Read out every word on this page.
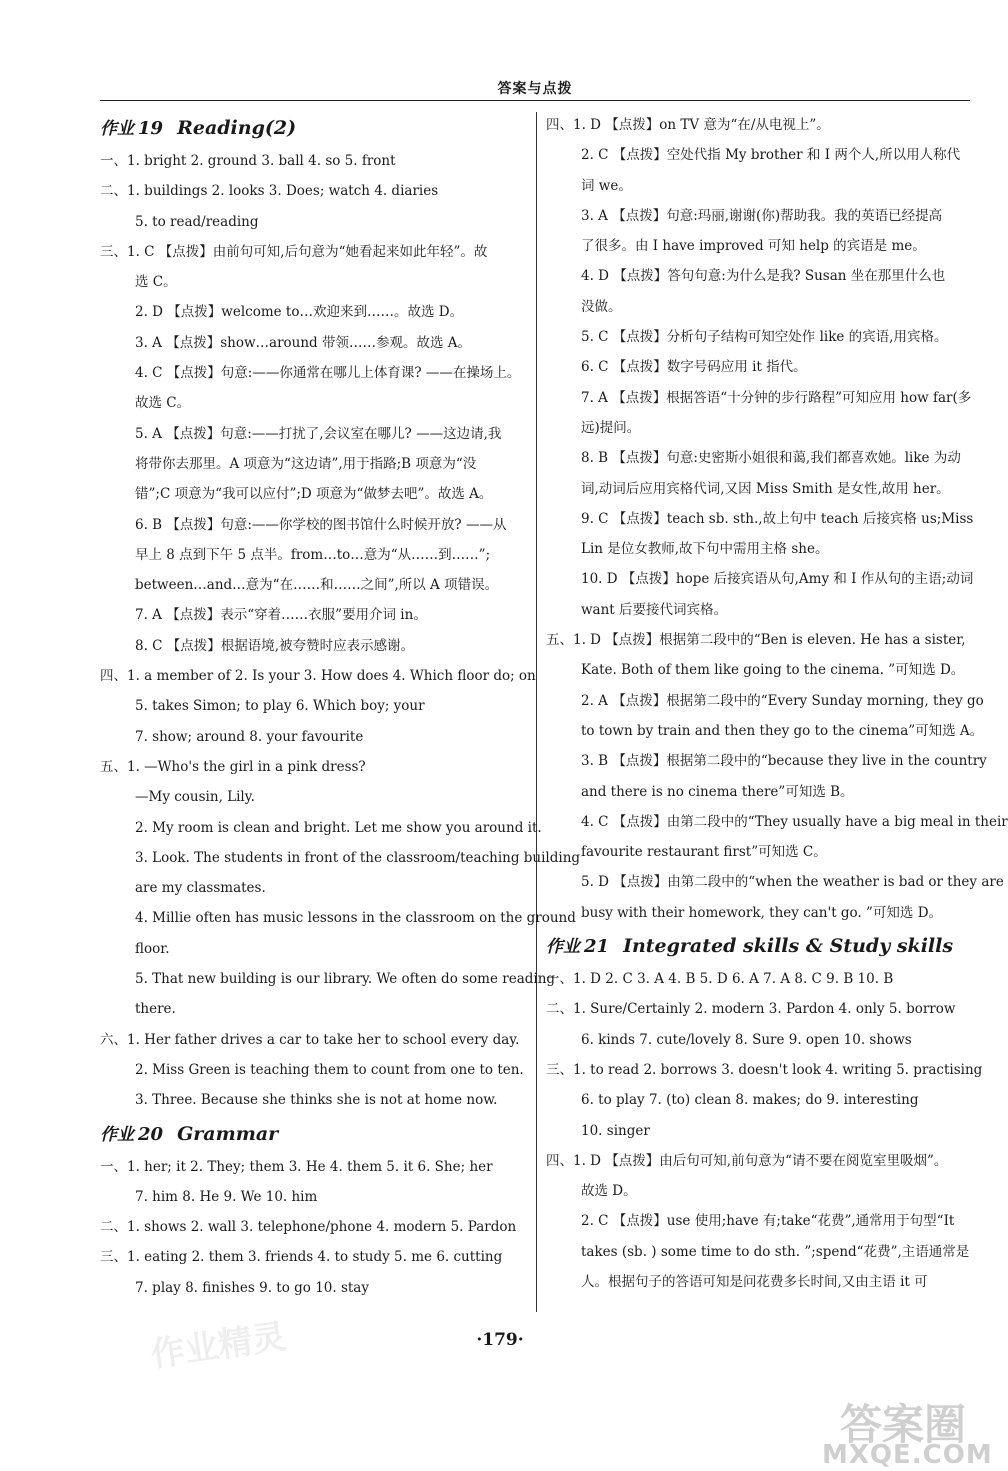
答案与点拨
作业 19 Reading(2)
一、1. bright 2. ground 3. ball 4. so 5. front
二、1. buildings 2. looks 3. Does; watch 4. diaries
5. to read/reading
三、1. C 【点拨】由前句可知,后句意为“她看起来如此年轻”。故
选 C。
2. D 【点拨】welcome to…欢迎来到……。故选 D。
3. A 【点拨】show…around 带领……参观。故选 A。
4. C 【点拨】句意:——你通常在哪儿上体育课? ——在操场上。
故选 C。
5. A 【点拨】句意:——打扰了,会议室在哪儿? ——这边请,我
将带你去那里。A 项意为“这边请”,用于指路;B 项意为“没
错”;C 项意为“我可以应付”;D 项意为“做梦去吧”。故选 A。
6. B 【点拨】句意:——你学校的图书馆什么时候开放? ——从
早上 8 点到下午 5 点半。from…to…意为“从……到……”;
between…and…意为“在……和……之间”,所以 A 项错误。
7. A 【点拨】表示“穿着……衣服”要用介词 in。
8. C 【点拨】根据语境,被夸赞时应表示感谢。
四、1. a member of 2. Is your 3. How does 4. Which floor do; on
5. takes Simon; to play 6. Which boy; your
7. show; around 8. your favourite
五、1. —Who's the girl in a pink dress?
—My cousin, Lily.
2. My room is clean and bright. Let me show you around it.
3. Look. The students in front of the classroom/teaching building
are my classmates.
4. Millie often has music lessons in the classroom on the ground
floor.
5. That new building is our library. We often do some reading
there.
六、1. Her father drives a car to take her to school every day.
2. Miss Green is teaching them to count from one to ten.
3. Three. Because she thinks she is not at home now.
作业 20 Grammar
一、1. her; it 2. They; them 3. He 4. them 5. it 6. She; her
7. him 8. He 9. We 10. him
二、1. shows 2. wall 3. telephone/phone 4. modern 5. Pardon
三、1. eating 2. them 3. friends 4. to study 5. me 6. cutting
7. play 8. finishes 9. to go 10. stay
四、1. D 【点拨】on TV 意为“在/从电视上”。
2. C 【点拨】空处代指 My brother 和 I 两个人,所以用人称代
词 we。
3. A 【点拨】句意:玛丽,谢谢(你)帮助我。我的英语已经提高
了很多。由 I have improved 可知 help 的宾语是 me。
4. D 【点拨】答句句意:为什么是我? Susan 坐在那里什么也
没做。
5. C 【点拨】分析句子结构可知空处作 like 的宾语,用宾格。
6. C 【点拨】数字号码应用 it 指代。
7. A 【点拨】根据答语“十分钟的步行路程”可知应用 how far(多
远)提问。
8. B 【点拨】句意:史密斯小姐很和蔼,我们都喜欢她。like 为动
词,动词后应用宾格代词,又因 Miss Smith 是女性,故用 her。
9. C 【点拨】teach sb. sth.,故上句中 teach 后接宾格 us;Miss
Lin 是位女教师,故下句中需用主格 she。
10. D 【点拨】hope 后接宾语从句,Amy 和 I 作从句的主语;动词
want 后要接代词宾格。
五、1. D 【点拨】根据第二段中的“Ben is eleven. He has a sister,
Kate. Both of them like going to the cinema. ”可知选 D。
2. A 【点拨】根据第二段中的“Every Sunday morning, they go
to town by train and then they go to the cinema”可知选 A。
3. B 【点拨】根据第二段中的“because they live in the country
and there is no cinema there”可知选 B。
4. C 【点拨】由第二段中的“They usually have a big meal in their
favourite restaurant first”可知选 C。
5. D 【点拨】由第二段中的“when the weather is bad or they are
busy with their homework, they can't go. ”可知选 D。
作业 21 Integrated skills & Study skills
一、1. D 2. C 3. A 4. B 5. D 6. A 7. A 8. C 9. B 10. B
二、1. Sure/Certainly 2. modern 3. Pardon 4. only 5. borrow
6. kinds 7. cute/lovely 8. Sure 9. open 10. shows
三、1. to read 2. borrows 3. doesn't look 4. writing 5. practising
6. to play 7. (to) clean 8. makes; do 9. interesting
10. singer
四、1. D 【点拨】由后句可知,前句意为“请不要在阅览室里吸烟”。
故选 D。
2. C 【点拨】use 使用;have 有;take“花费”,通常用于句型“It
takes (sb. ) some time to do sth. ”;spend“花费”,主语通常是
人。根据句子的答语可知是问花费多长时间,又由主语 it 可
·179·
作业精灵
答案圈
MXQE.COM
